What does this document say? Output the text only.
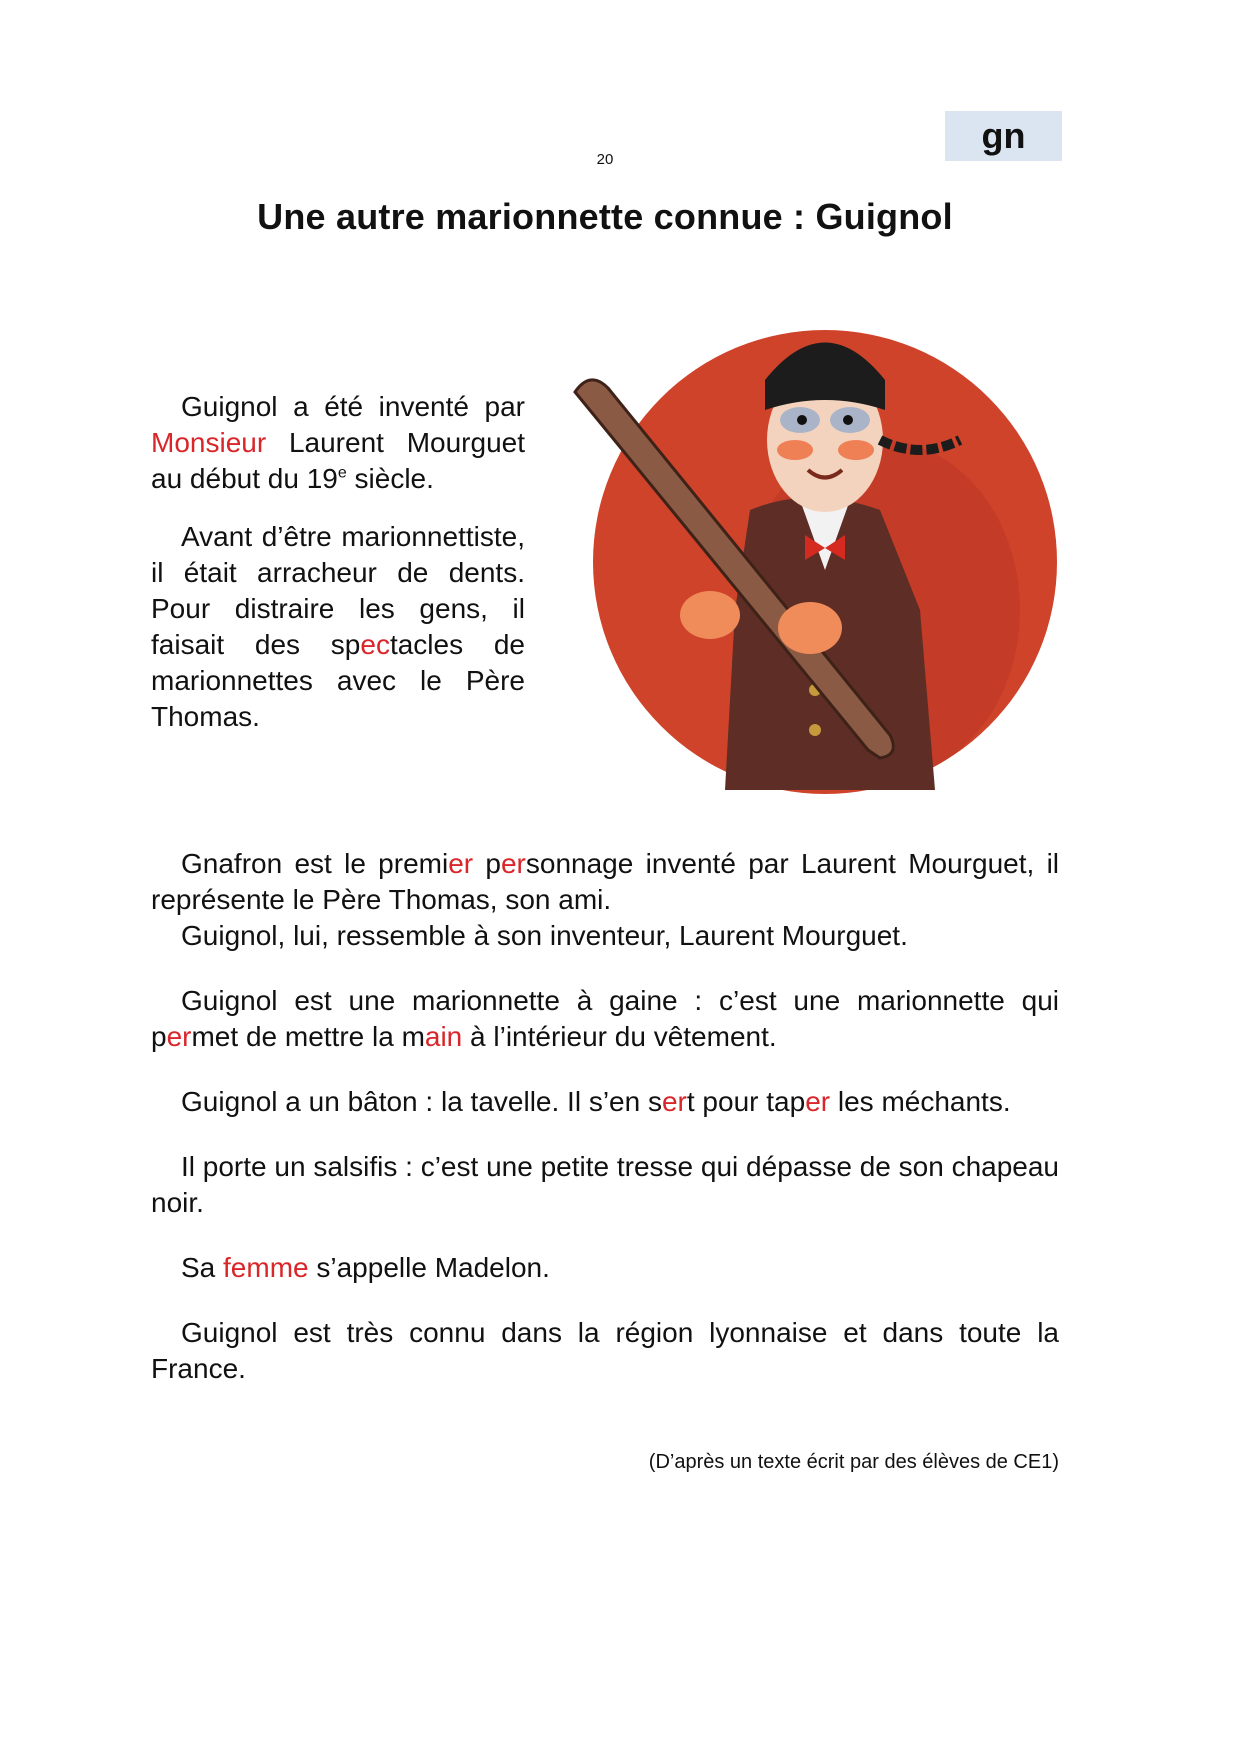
gn
20
Une autre marionnette connue : Guignol

Guignol a été inventé par Monsieur Laurent Mourguet au début du 19e siècle.

Avant d’être marionnettiste, il était arracheur de dents. Pour distraire les gens, il faisait des spectacles de marionnettes avec le Père Thomas.

Gnafron est le premier personnage inventé par Laurent Mourguet, il représente le Père Thomas, son ami.

Guignol, lui, ressemble à son inventeur, Laurent Mourguet.

Guignol est une marionnette à gaine : c’est une marionnette qui permet de mettre la main à l’intérieur du vêtement.

Guignol a un bâton : la tavelle. Il s’en sert pour taper les méchants.

Il porte un salsifis : c’est une petite tresse qui dépasse de son chapeau noir.

Sa femme s’appelle Madelon.

Guignol est très connu dans la région lyonnaise et dans toute la France.

(D’après un texte écrit par des élèves de CE1)
